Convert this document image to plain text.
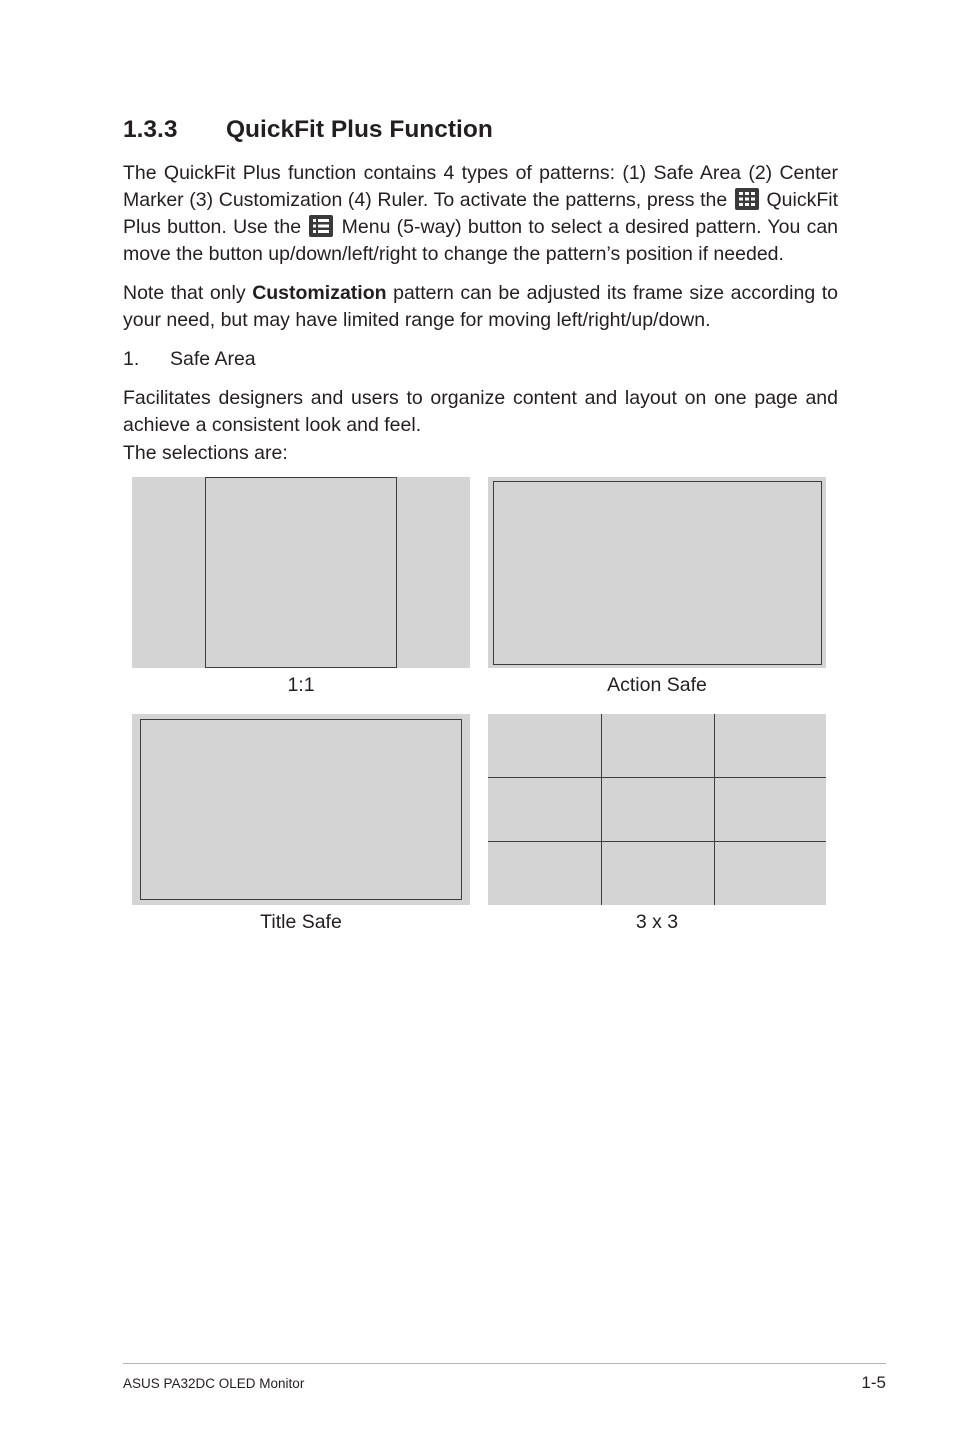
1.3.3 QuickFit Plus Function

The QuickFit Plus function contains 4 types of patterns: (1) Safe Area (2) Center Marker (3) Customization (4) Ruler. To activate the patterns, press the QuickFit Plus button. Use the Menu (5-way) button to select a desired pattern. You can move the button up/down/left/right to change the pattern’s position if needed.

Note that only Customization pattern can be adjusted its frame size according to your need, but may have limited range for moving left/right/up/down.

1. Safe Area

Facilitates designers and users to organize content and layout on one page and achieve a consistent look and feel.

The selections are:

1:1	Action Safe
Title Safe	3 x 3
ASUS PA32DC OLED Monitor	1-5
